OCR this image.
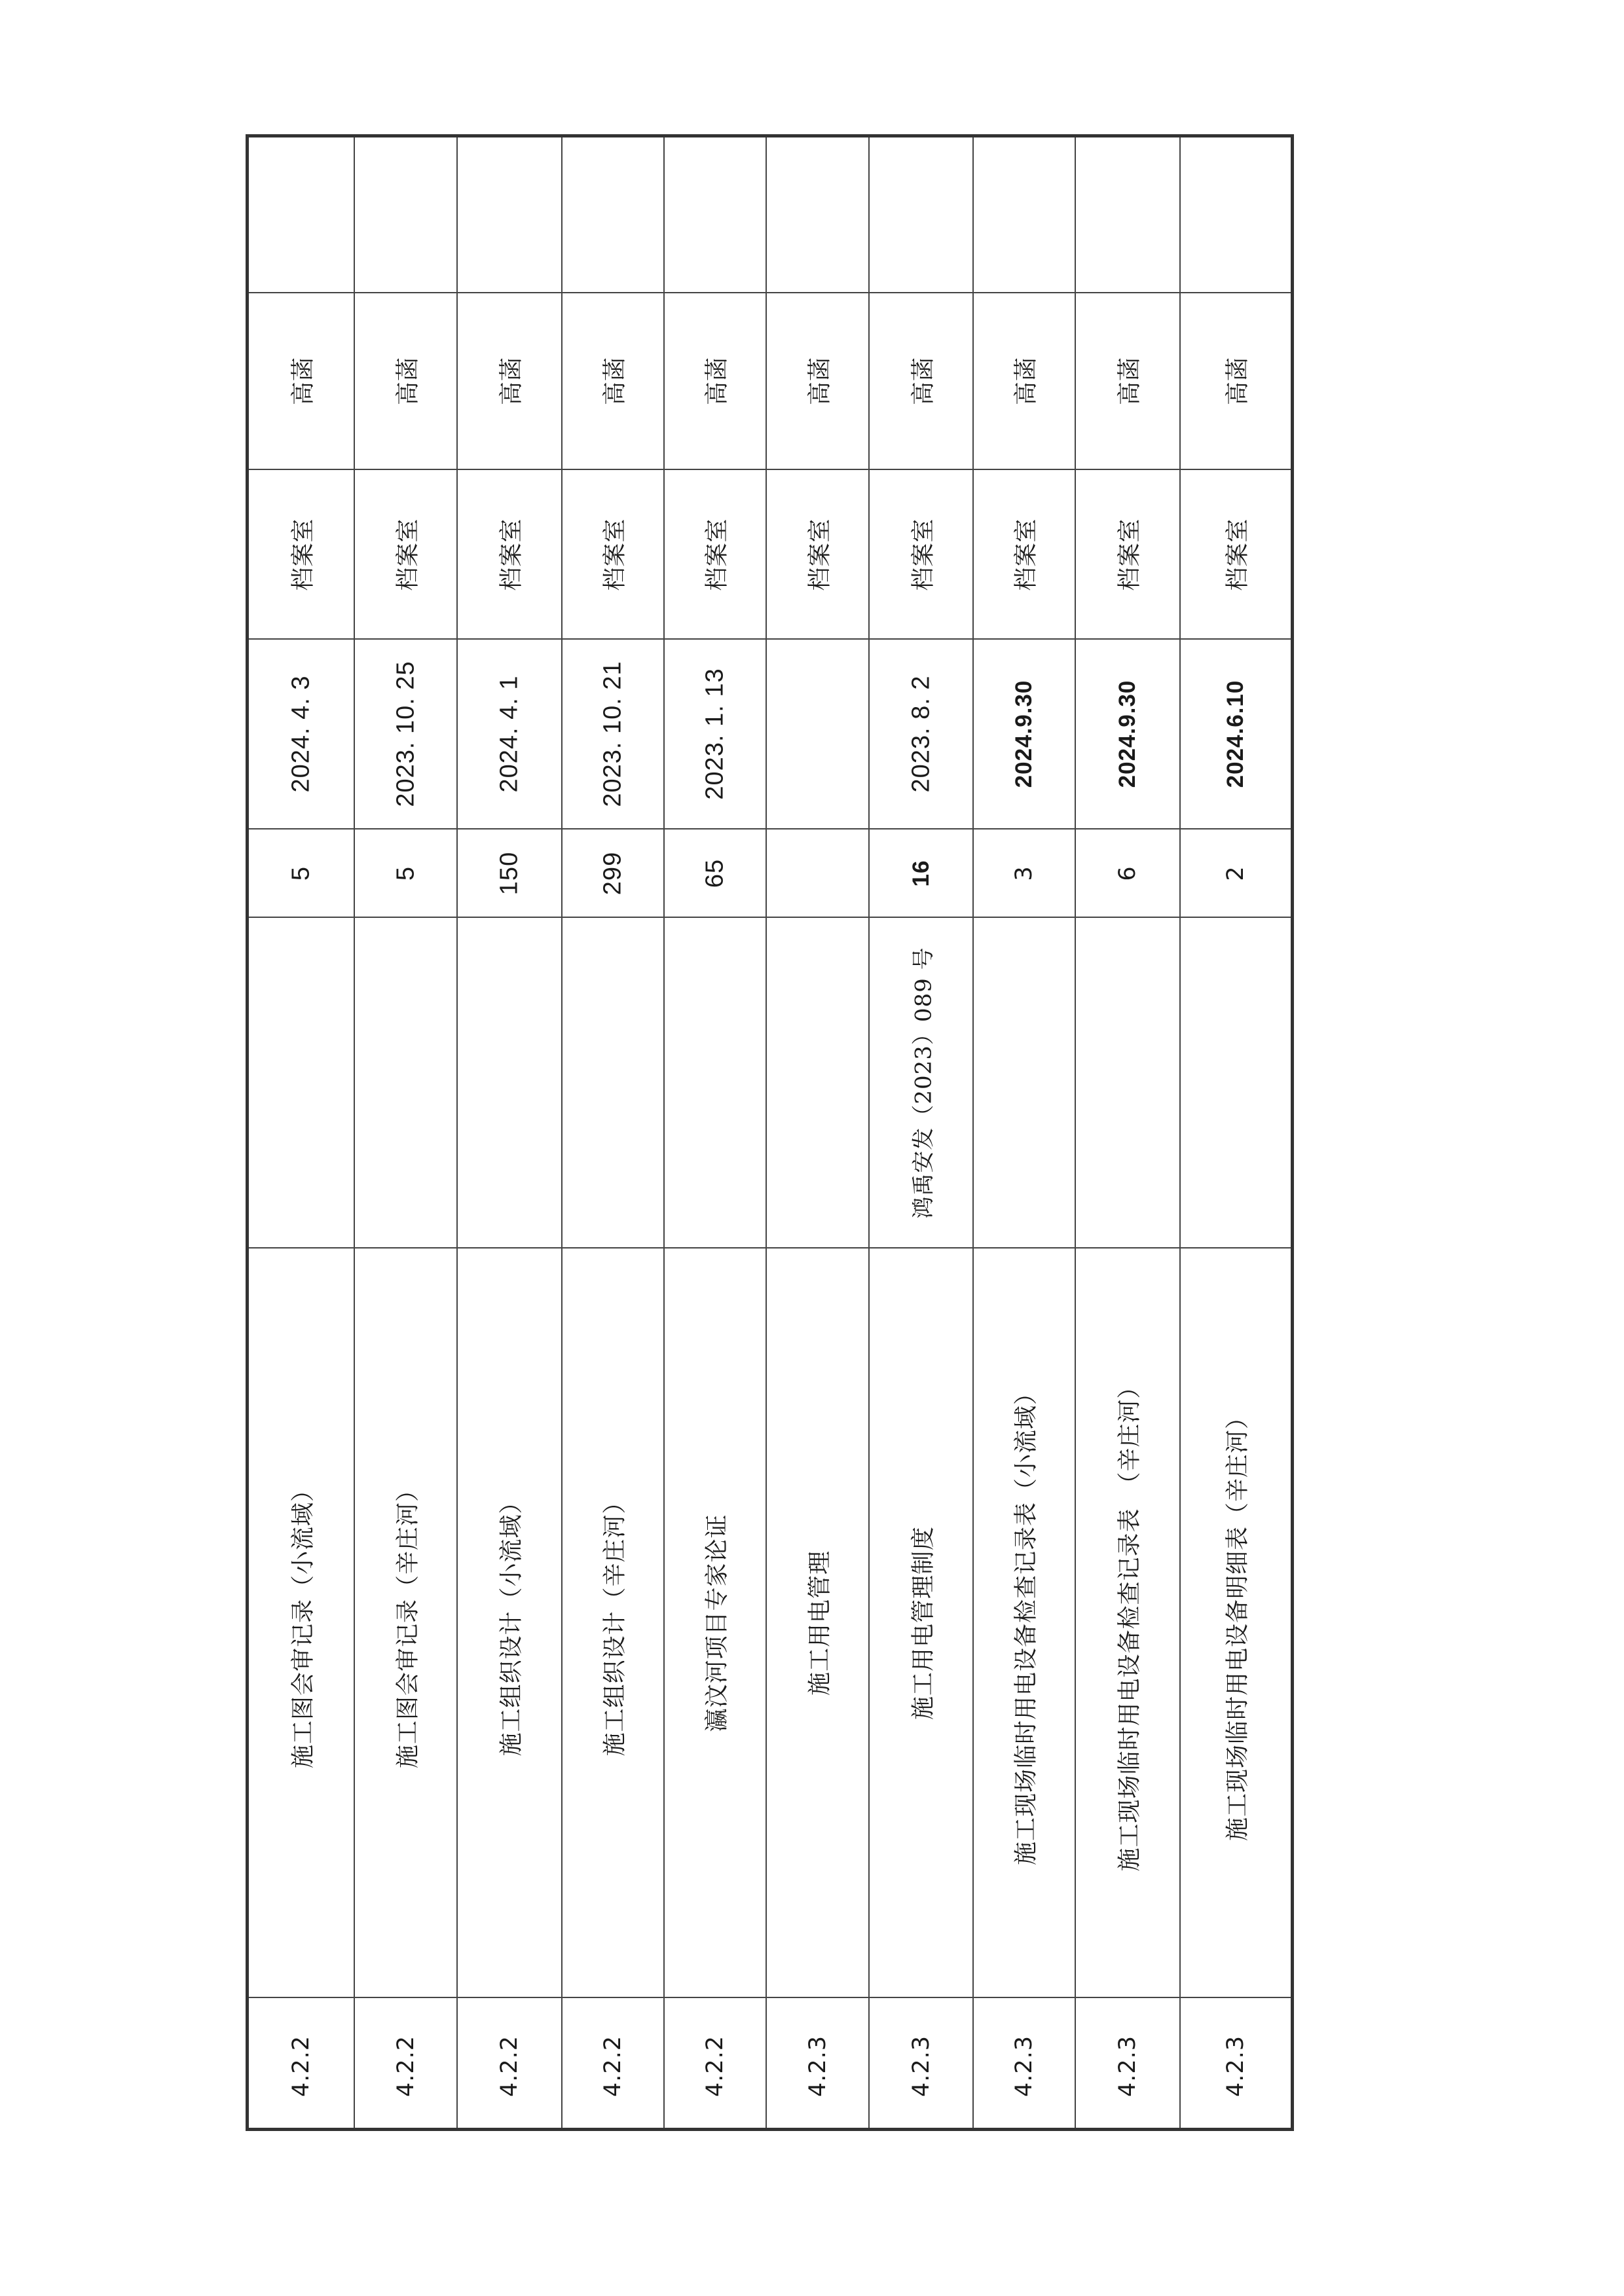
高菡
档案室
2024. 4. 3
5
施工图会审记录（小流域）
4.2.2
高菡
档案室
2023. 10. 25
5
施工图会审记录（辛庄河）
4.2.2
高菡
档案室
2024. 4. 1
150
施工组织设计（小流域）
4.2.2
高菡
档案室
2023. 10. 21
299
施工组织设计（辛庄河）
4.2.2
高菡
档案室
2023. 1. 13
65
瀛汶河项目专家论证
4.2.2
高菡
档案室
施工用电管理
4.2.3
高菡
档案室
2023. 8. 2
16
鸿禹安发（2023）089 号
施工用电管理制度
4.2.3
高菡
档案室
2024.9.30
3
施工现场临时用电设备检查记录表（小流域）
4.2.3
高菡
档案室
2024.9.30
6
施工现场临时用电设备检查记录表　（辛庄河）
4.2.3
高菡
档案室
2024.6.10
2
施工现场临时用电设备明细表（辛庄河）
4.2.3
